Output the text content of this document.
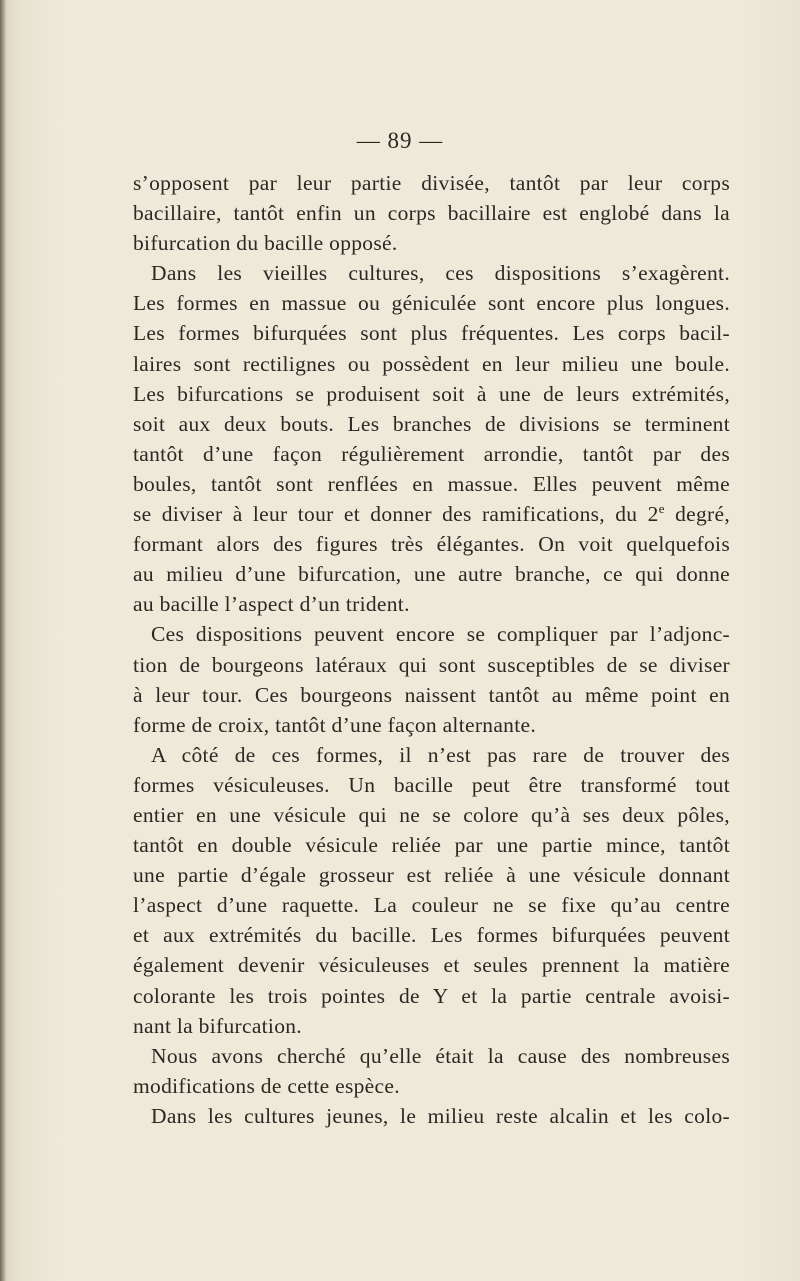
— 89 —
s’opposent par leur partie divisée, tantôt par leur corps
bacillaire, tantôt enfin un corps bacillaire est englobé dans la
bifurcation du bacille opposé.
Dans les vieilles cultures, ces dispositions s’exagèrent.
Les formes en massue ou géniculée sont encore plus longues.
Les formes bifurquées sont plus fréquentes. Les corps bacil-
laires sont rectilignes ou possèdent en leur milieu une boule.
Les bifurcations se produisent soit à une de leurs extrémités,
soit aux deux bouts. Les branches de divisions se terminent
tantôt d’une façon régulièrement arrondie, tantôt par des
boules, tantôt sont renflées en massue. Elles peuvent même
se diviser à leur tour et donner des ramifications, du 2e degré,
formant alors des figures très élégantes. On voit quelquefois
au milieu d’une bifurcation, une autre branche, ce qui donne
au bacille l’aspect d’un trident.
Ces dispositions peuvent encore se compliquer par l’adjonc-
tion de bourgeons latéraux qui sont susceptibles de se diviser
à leur tour. Ces bourgeons naissent tantôt au même point en
forme de croix, tantôt d’une façon alternante.
A côté de ces formes, il n’est pas rare de trouver des
formes vésiculeuses. Un bacille peut être transformé tout
entier en une vésicule qui ne se colore qu’à ses deux pôles,
tantôt en double vésicule reliée par une partie mince, tantôt
une partie d’égale grosseur est reliée à une vésicule donnant
l’aspect d’une raquette. La couleur ne se fixe qu’au centre
et aux extrémités du bacille. Les formes bifurquées peuvent
également devenir vésiculeuses et seules prennent la matière
colorante les trois pointes de Y et la partie centrale avoisi-
nant la bifurcation.
Nous avons cherché qu’elle était la cause des nombreuses
modifications de cette espèce.
Dans les cultures jeunes, le milieu reste alcalin et les colo-
